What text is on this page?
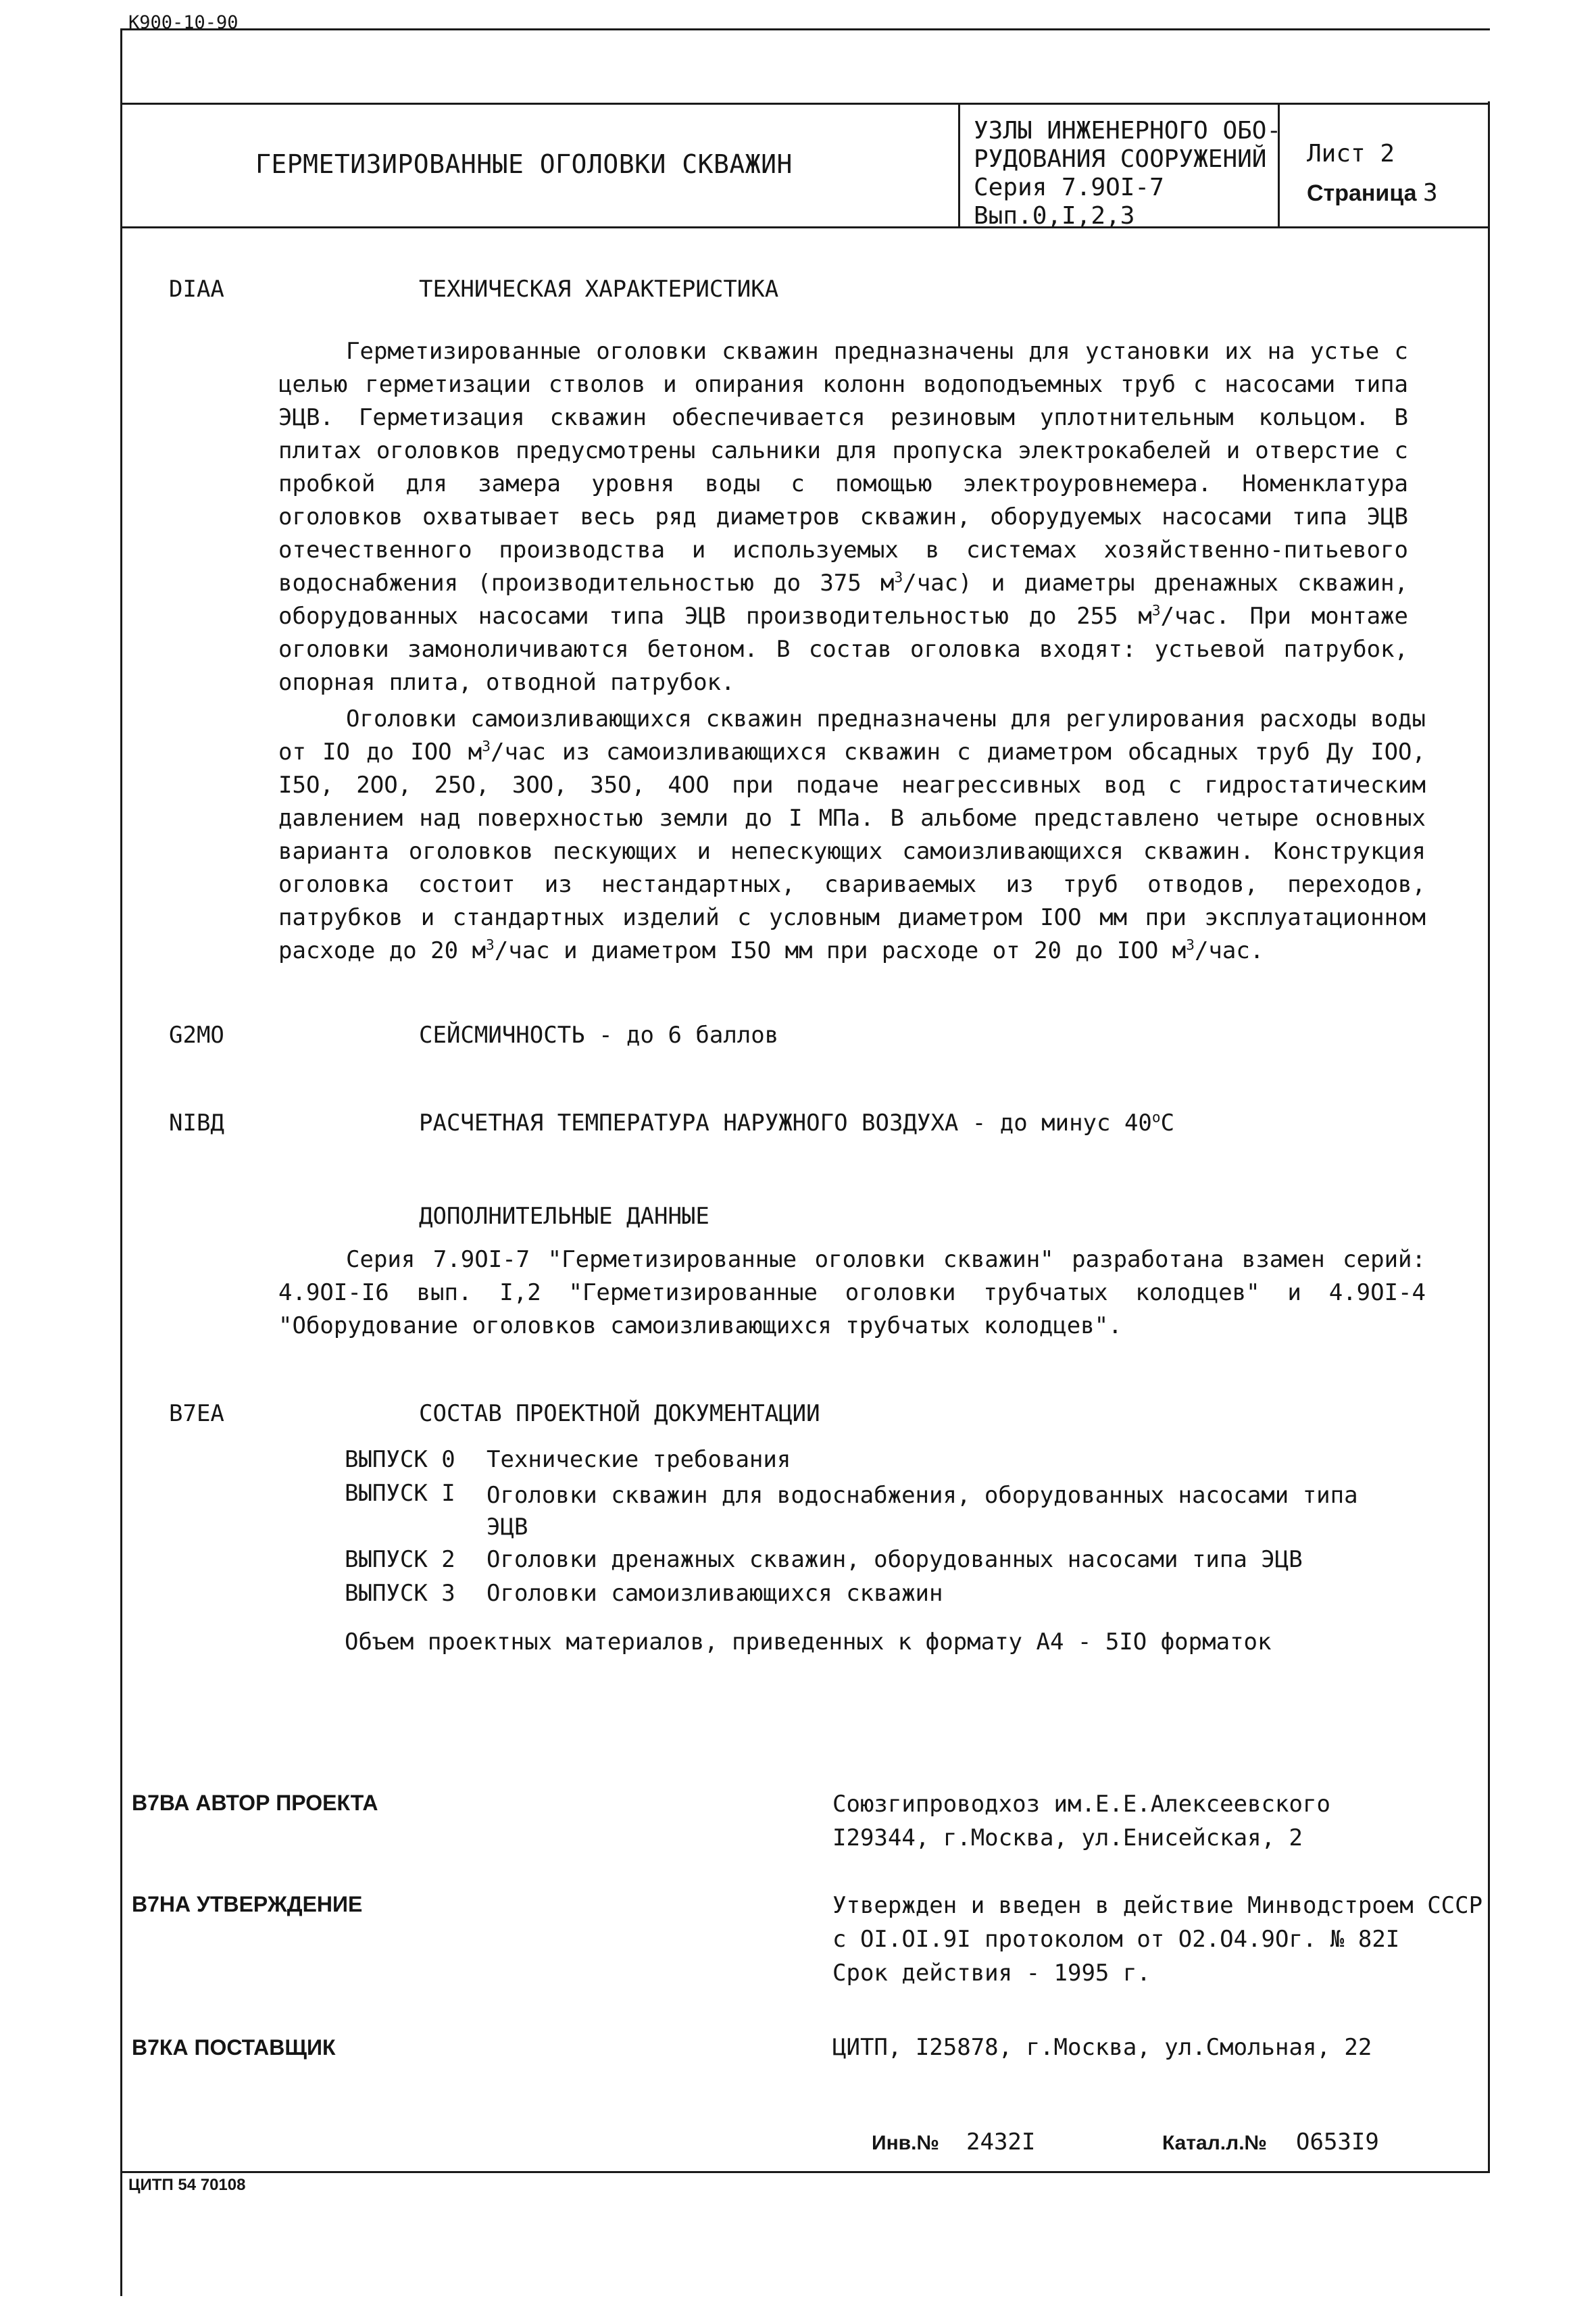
К900-10-90
ГЕРМЕТИЗИРОВАННЫЕ ОГОЛОВКИ СКВАЖИН
УЗЛЫ ИНЖЕНЕРНОГО ОБО-
РУДОВАНИЯ СООРУЖЕНИЙ
Серия 7.9OI-7
Вып.0,I,2,3
Лист 2
Страница 3
DIAA	ТЕХНИЧЕСКАЯ ХАРАКТЕРИСТИКА
Герметизированные оголовки скважин предназначены для установки их на устье с целью герметизации стволов и опирания колонн водоподъемных труб с насосами типа ЭЦВ. Герметизация скважин обеспечивается резиновым уплотнительным кольцом. В плитах оголовков предусмотрены сальники для пропуска электрокабелей и отверстие с пробкой для замера уровня воды с помощью электроуровнемера. Номенклатура оголовков охватывает весь ряд диаметров скважин, оборудуемых насосами типа ЭЦВ отечественного производства и используемых в системах хозяйственно-питьевого водоснабжения (производительностью до 375 $м^3/час$) и диаметры дренажных скважин, оборудованных насосами типа ЭЦВ производительностью до 255 $м^3$/час. При монтаже оголовки замоноличиваются бетоном. В состав оголовка входят: устьевой патрубок, опорная плита, отводной патрубок.
Оголовки самоизливающихся скважин предназначены для регулирования расходы воды от IO до IOO $м^3$/час из самоизливающихся скважин с диаметром обсадных труб Ду IOO, I5O, 2OO, 25O, 3OO, 35O, 4OO при подаче неагрессивных вод с гидростатическим давлением над поверхностью земли до I МПа. В альбоме представлено четыре основных варианта оголовков пескующих и непескующих самоизливающихся скважин. Конструкция оголовка состоит из нестандартных, свариваемых из труб отводов, переходов, патрубков и стандартных изделий с условным диаметром IOO мм при эксплуатационном расходе до 20 $м^3$/час и диаметром I5O мм при расходе от 20 до IOO $м^3$/час.
G2MO	СЕЙСМИЧНОСТЬ - до 6 баллов
NIBД	РАСЧЕТНАЯ ТЕМПЕРАТУРА НАРУЖНОГО ВОЗДУХА - до минус $40^оС$
ДОПОЛНИТЕЛЬНЫЕ ДАННЫЕ
Серия 7.9OI-7 "Герметизированные оголовки скважин" разработана взамен серий: 4.9OI-I6 вып. I,2 "Герметизированные оголовки трубчатых колодцев" и 4.9OI-4 "Оборудование оголовков самоизливающихся трубчатых колодцев".
B7EA	СОСТАВ ПРОЕКТНОЙ ДОКУМЕНТАЦИИ
ВЫПУСК 0 Технические требования
ВЫПУСК I Оголовки скважин для водоснабжения, оборудованных насосами типа ЭЦВ
ВЫПУСК 2 Оголовки дренажных скважин, оборудованных насосами типа ЭЦВ
ВЫПУСК 3 Оголовки самоизливающихся скважин
Объем проектных материалов, приведенных к формату А4 - 5IO форматок
В7ВА АВТОР ПРОЕКТА	Союзгипроводхоз им.Е.Е.Алексеевского
I29344, г.Москва, ул.Енисейская, 2
В7НА УТВЕРЖДЕНИЕ	Утвержден и введен в действие Минводстроем СССР
с OI.OI.9I протоколом от O2.O4.9Oг. № 82I
Срок действия - 1995 г.
В7КА ПОСТАВЩИК	ЦИТП, I25878, г.Москва, ул.Смольная, 22
Инв.№ 2432I	Катал.л.№ O653I9
ЦИТП 54 70108
